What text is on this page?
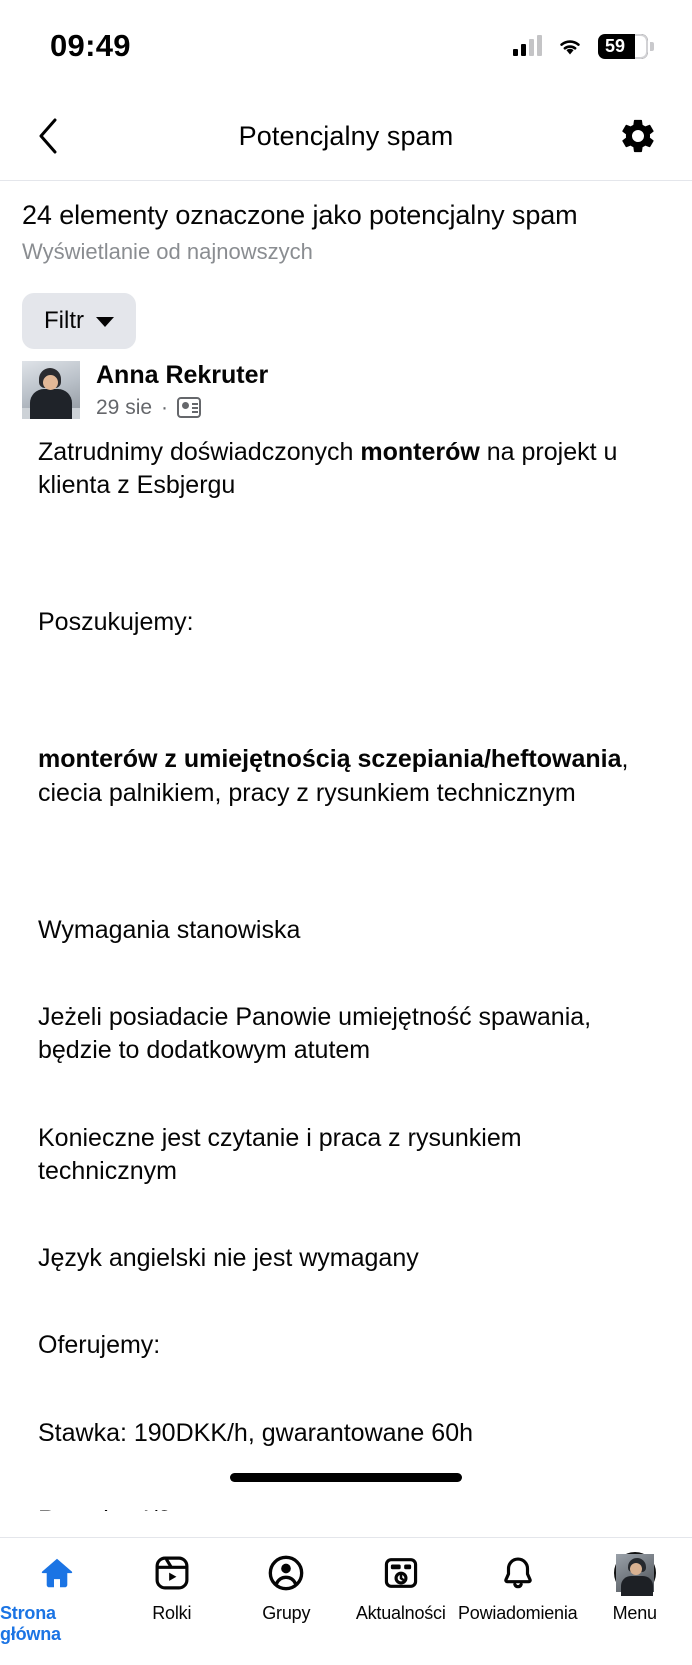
09:49	59
Potencjalny spam
24 elementy oznaczone jako potencjalny spam
Wyświetlanie od najnowszych
Filtr
Anna Rekruter
29 sie ·

Zatrudnimy doświadczonych monterów na projekt u klienta z Esbjergu

Poszukujemy:

monterów z umiejętnością sczepiania/heftowania, ciecia palnikiem, pracy z rysunkiem technicznym

Wymagania stanowiska

Jeżeli posiadacie Panowie umiejętność spawania, będzie to dodatkowym atutem

Konieczne jest czytanie i praca z rysunkiem technicznym

Język angielski nie jest wymagany

Oferujemy:

Stawka: 190DKK/h, gwarantowane 60h

Strona główna
Rolki	Grupy	Aktualności Powiadomienia Menu
